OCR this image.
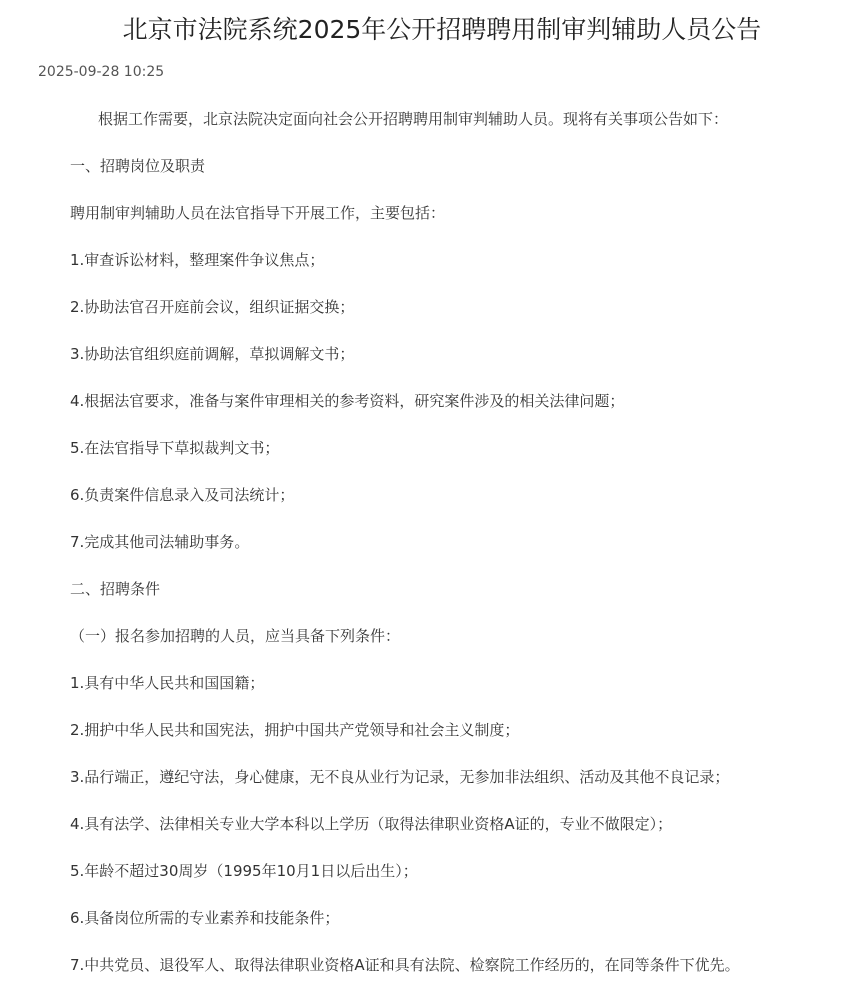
北京市法院系统2025年公开招聘聘用制审判辅助人员公告
2025-09-28 10:25

根据工作需要，北京法院决定面向社会公开招聘聘用制审判辅助人员。现将有关事项公告如下：

一、招聘岗位及职责

聘用制审判辅助人员在法官指导下开展工作，主要包括：

1.审查诉讼材料，整理案件争议焦点；

2.协助法官召开庭前会议，组织证据交换；

3.协助法官组织庭前调解，草拟调解文书；

4.根据法官要求，准备与案件审理相关的参考资料，研究案件涉及的相关法律问题；

5.在法官指导下草拟裁判文书；

6.负责案件信息录入及司法统计；

7.完成其他司法辅助事务。

二、招聘条件

（一）报名参加招聘的人员，应当具备下列条件：

1.具有中华人民共和国国籍；

2.拥护中华人民共和国宪法，拥护中国共产党领导和社会主义制度；

3.品行端正，遵纪守法，身心健康，无不良从业行为记录，无参加非法组织、活动及其他不良记录；

4.具有法学、法律相关专业大学本科以上学历（取得法律职业资格A证的，专业不做限定）；

5.年龄不超过30周岁（1995年10月1日以后出生）；

6.具备岗位所需的专业素养和技能条件；

7.中共党员、退役军人、取得法律职业资格A证和具有法院、检察院工作经历的，在同等条件下优先。
